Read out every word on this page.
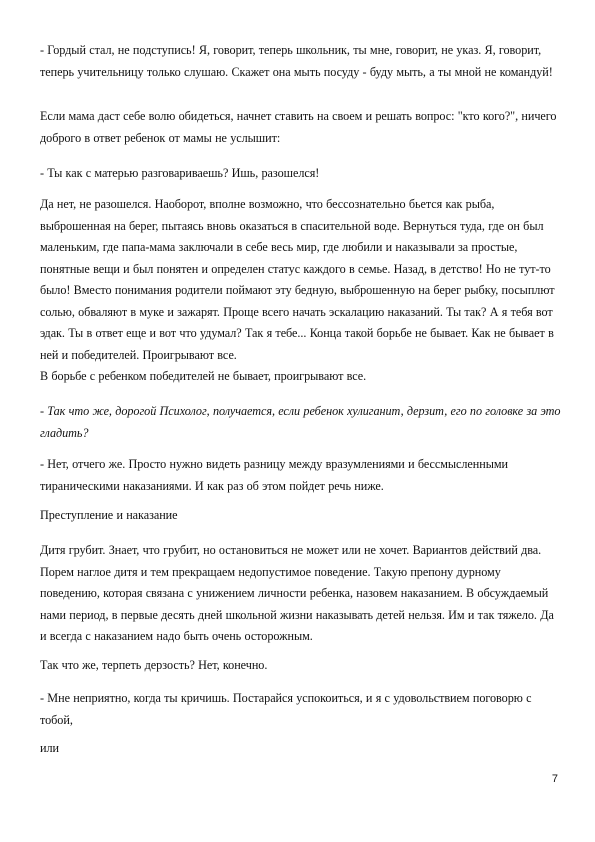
- Гордый стал, не подступись! Я, говорит, теперь школьник, ты мне, говорит, не указ. Я, говорит, теперь учительницу только слушаю. Скажет она мыть посуду - буду мыть, а ты мной не командуй!

Если мама даст себе волю обидеться, начнет ставить на своем и решать вопрос: "кто кого?", ничего доброго в ответ ребенок от мамы не услышит:

- Ты как с матерью разговариваешь? Ишь, разошелся!

Да нет, не разошелся. Наоборот, вполне возможно, что бессознательно бьется как рыба, выброшенная на берег, пытаясь вновь оказаться в спасительной воде. Вернуться туда, где он был маленьким, где папа-мама заключали в себе весь мир, где любили и наказывали за простые, понятные вещи и был понятен и определен статус каждого в семье. Назад, в детство! Но не тут-то было! Вместо понимания родители поймают эту бедную, выброшенную на берег рыбку, посыплют солью, обваляют в муке и зажарят. Проще всего начать эскалацию наказаний. Ты так? А я тебя вот эдак. Ты в ответ еще и вот что удумал? Так я тебе... Конца такой борьбе не бывает. Как не бывает в ней и победителей. Проигрывают все.

В борьбе с ребенком победителей не бывает, проигрывают все.

- Так что же, дорогой Психолог, получается, если ребенок хулиганит, дерзит, его по головке за это гладить?

- Нет, отчего же. Просто нужно видеть разницу между вразумлениями и бессмысленными тираническими наказаниями. И как раз об этом пойдет речь ниже.

Преступление и наказание

Дитя грубит. Знает, что грубит, но остановиться не может или не хочет. Вариантов действий два. Порем наглое дитя и тем прекращаем недопустимое поведение. Такую препону дурному поведению, которая связана с унижением личности ребенка, назовем наказанием. В обсуждаемый нами период, в первые десять дней школьной жизни наказывать детей нельзя. Им и так тяжело. Да и всегда с наказанием надо быть очень осторожным.

Так что же, терпеть дерзость? Нет, конечно.

- Мне неприятно, когда ты кричишь. Постарайся успокоиться, и я с удовольствием поговорю с тобой,

или

7
